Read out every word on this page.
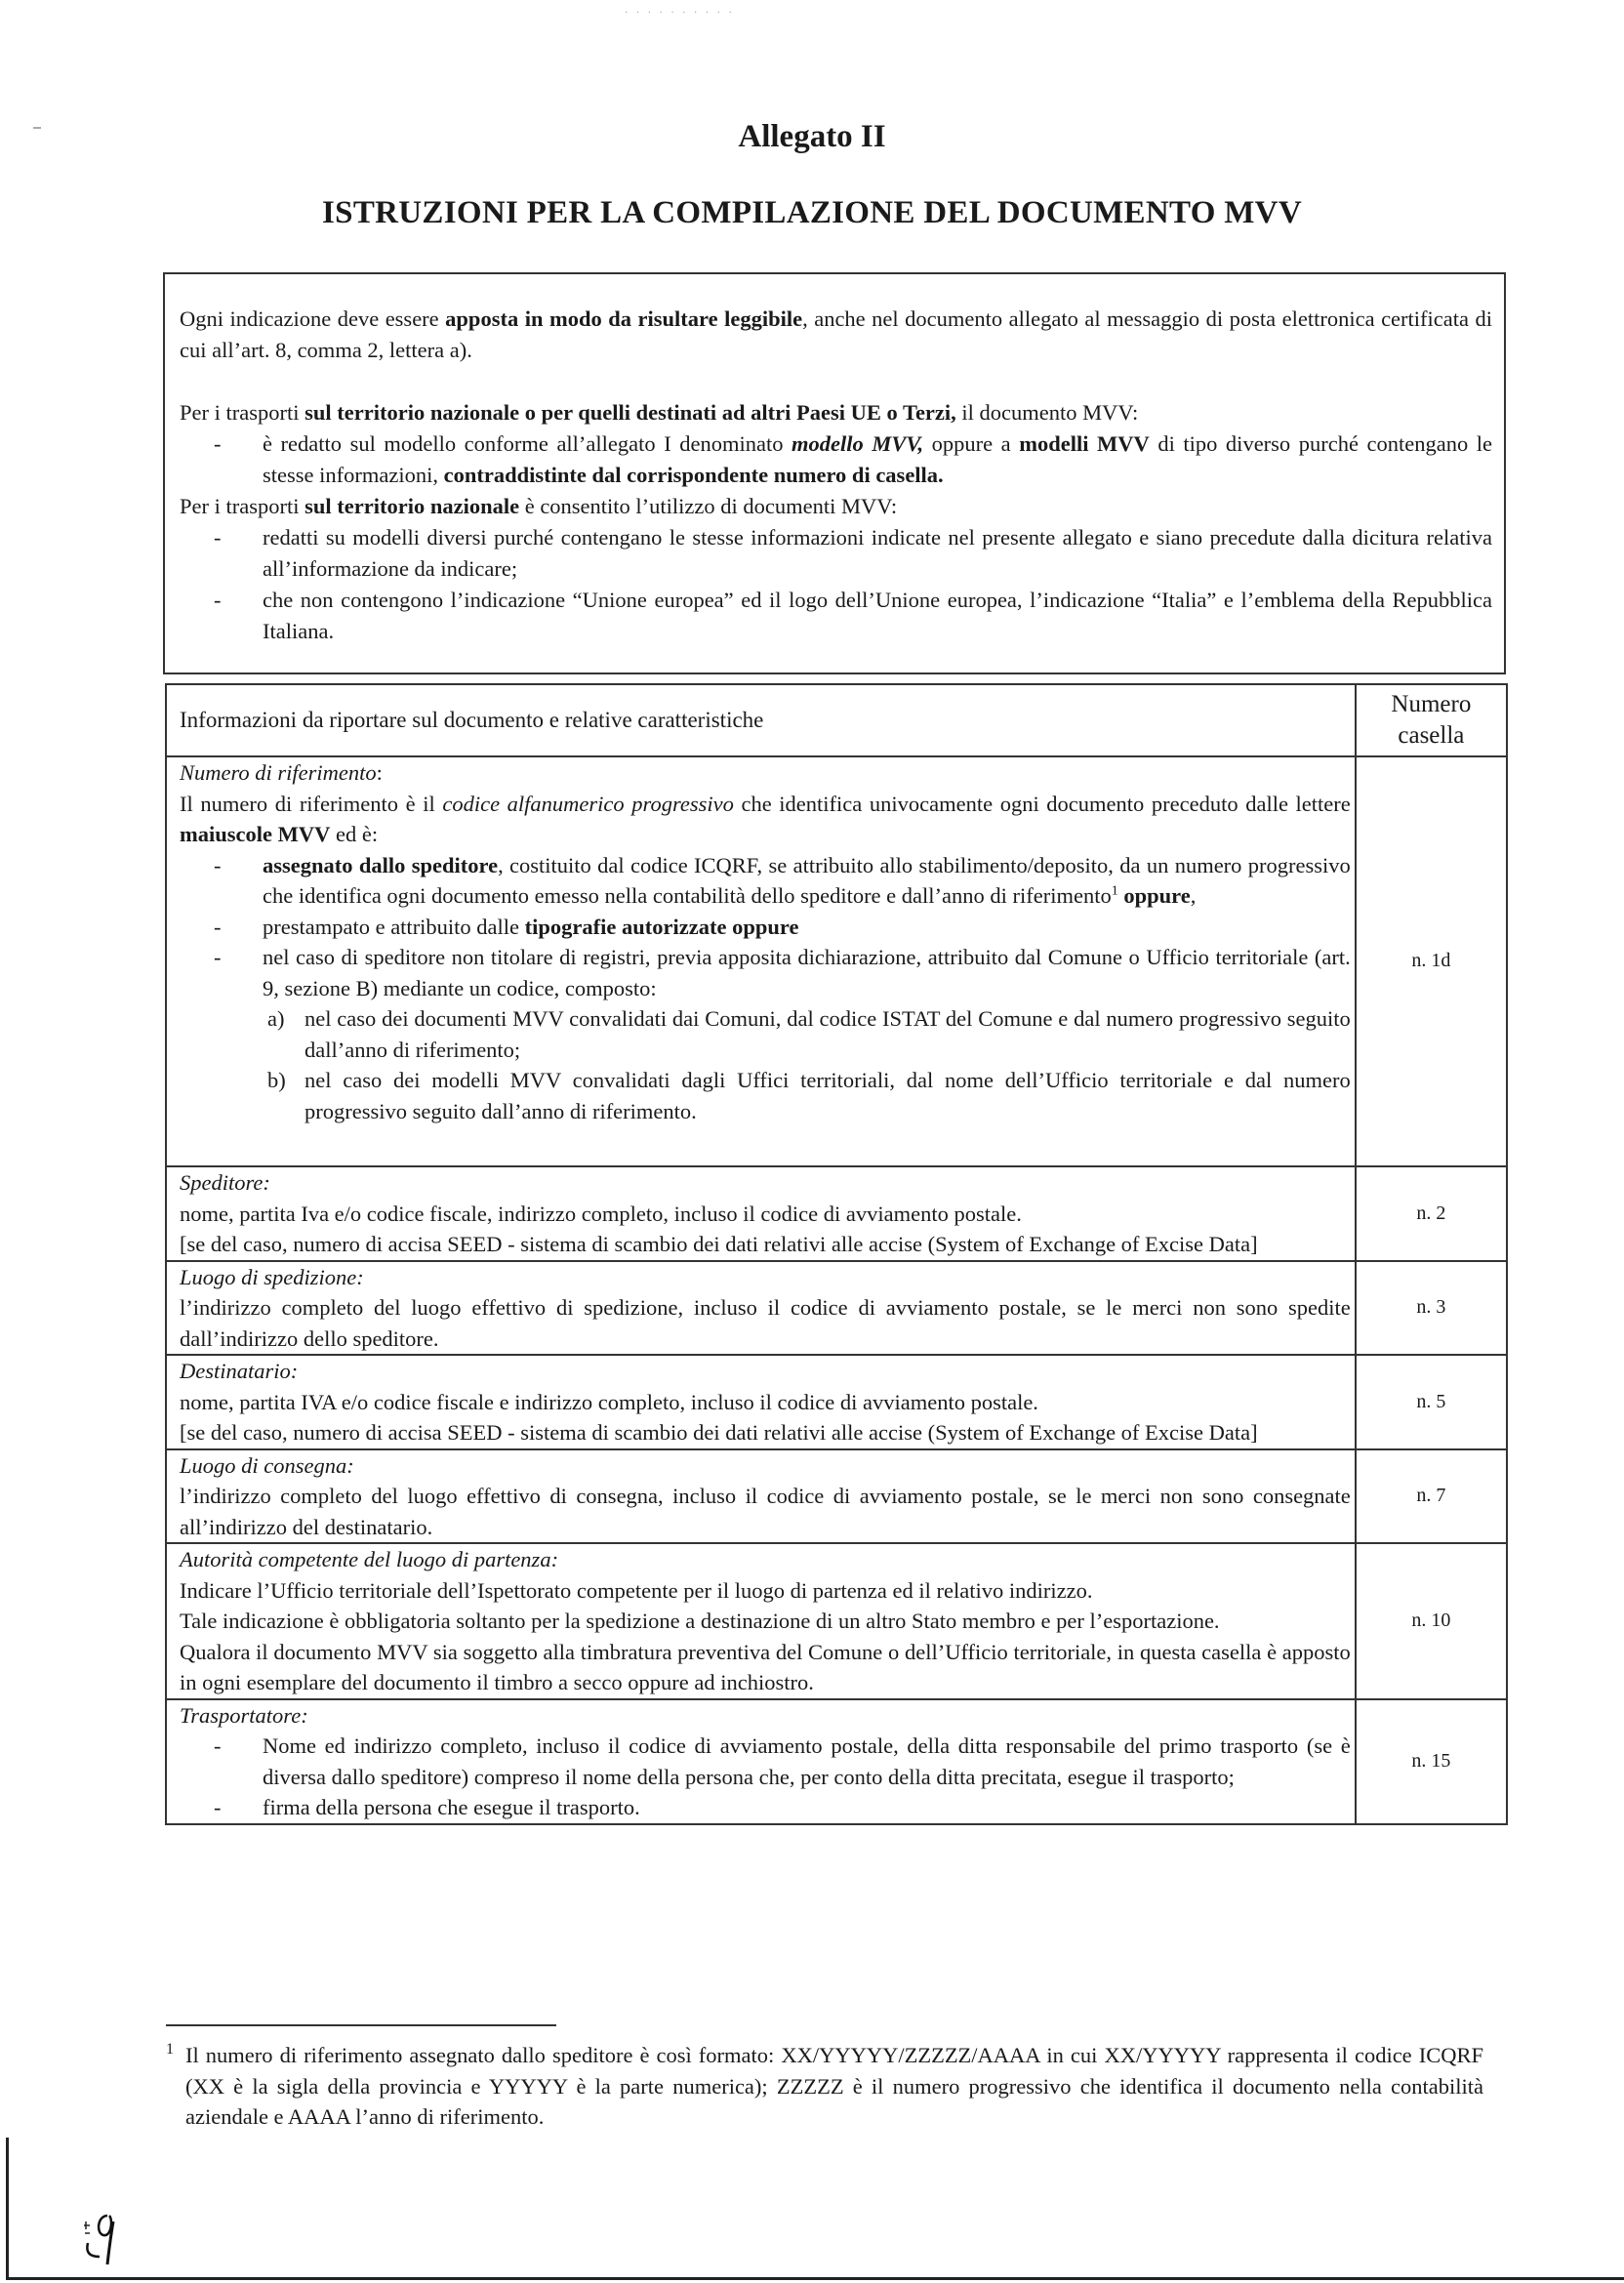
· · · · · · · · · ·
Allegato II
ISTRUZIONI PER LA COMPILAZIONE DEL DOCUMENTO MVV

Ogni indicazione deve essere apposta in modo da risultare leggibile, anche nel documento allegato al messaggio di posta elettronica certificata di cui all’art. 8, comma 2, lettera a).

Per i trasporti sul territorio nazionale o per quelli destinati ad altri Paesi UE o Terzi, il documento MVV:

- è redatto sul modello conforme all’allegato I denominato modello MVV, oppure a modelli MVV di tipo diverso purché contengano le stesse informazioni, contraddistinte dal corrispondente numero di casella.

Per i trasporti sul territorio nazionale è consentito l’utilizzo di documenti MVV:

- redatti su modelli diversi purché contengano le stesse informazioni indicate nel presente allegato e siano precedute dalla dicitura relativa all’informazione da indicare;
- che non contengono l’indicazione “Unione europea” ed il logo dell’Unione europea, l’indicazione “Italia” e l’emblema della Repubblica Italiana.
Informazioni da riportare sul documento e relative caratteristiche	Numero
casella

Numero di riferimento:
Il numero di riferimento è il codice alfanumerico progressivo che identifica univocamente ogni documento preceduto dalle lettere maiuscole MVV ed è:
- assegnato dallo speditore, costituito dal codice ICQRF, se attribuito allo stabilimento/deposito, da un numero progressivo che identifica ogni documento emesso nella contabilità dello speditore e dall’anno di riferimento$^1$ oppure,
- prestampato e attribuito dalle tipografie autorizzate oppure
- nel caso di speditore non titolare di registri, previa apposita dichiarazione, attribuito dal Comune o Ufficio territoriale (art. 9, sezione B) mediante un codice, composto:
a) nel caso dei documenti MVV convalidati dai Comuni, dal codice ISTAT del Comune e dal numero progressivo seguito dall’anno di riferimento;
b) nel caso dei modelli MVV convalidati dagli Uffici territoriali, dal nome dell’Ufficio territoriale e dal numero progressivo seguito dall’anno di riferimento.
	n. 1d

Speditore:
nome, partita Iva e/o codice fiscale, indirizzo completo, incluso il codice di avviamento postale.
[se del caso, numero di accisa SEED - sistema di scambio dei dati relativi alle accise (System of Exchange of Excise Data]	n. 2

Luogo di spedizione:
l’indirizzo completo del luogo effettivo di spedizione, incluso il codice di avviamento postale, se le merci non sono spedite dall’indirizzo dello speditore.	n. 3

Destinatario:
nome, partita IVA e/o codice fiscale e indirizzo completo, incluso il codice di avviamento postale.
[se del caso, numero di accisa SEED - sistema di scambio dei dati relativi alle accise (System of Exchange of Excise Data]	n. 5

Luogo di consegna:
l’indirizzo completo del luogo effettivo di consegna, incluso il codice di avviamento postale, se le merci non sono consegnate all’indirizzo del destinatario.	n. 7

Autorità competente del luogo di partenza:
Indicare l’Ufficio territoriale dell’Ispettorato competente per il luogo di partenza ed il relativo indirizzo.
Tale indicazione è obbligatoria soltanto per la spedizione a destinazione di un altro Stato membro e per l’esportazione.
Qualora il documento MVV sia soggetto alla timbratura preventiva del Comune o dell’Ufficio territoriale, in questa casella è apposto in ogni esemplare del documento il timbro a secco oppure ad inchiostro.	n. 10

Trasportatore:
- Nome ed indirizzo completo, incluso il codice di avviamento postale, della ditta responsabile del primo trasporto (se è diversa dallo speditore) compreso il nome della persona che, per conto della ditta precitata, esegue il trasporto;
- firma della persona che esegue il trasporto.
	n. 15
1 Il numero di riferimento assegnato dallo speditore è così formato: XX/YYYYY/ZZZZZ/AAAA in cui XX/YYYYY rappresenta il codice ICQRF (XX è la sigla della provincia e YYYYY è la parte numerica); ZZZZZ è il numero progressivo che identifica il documento nella contabilità aziendale e AAAA l’anno di riferimento.
